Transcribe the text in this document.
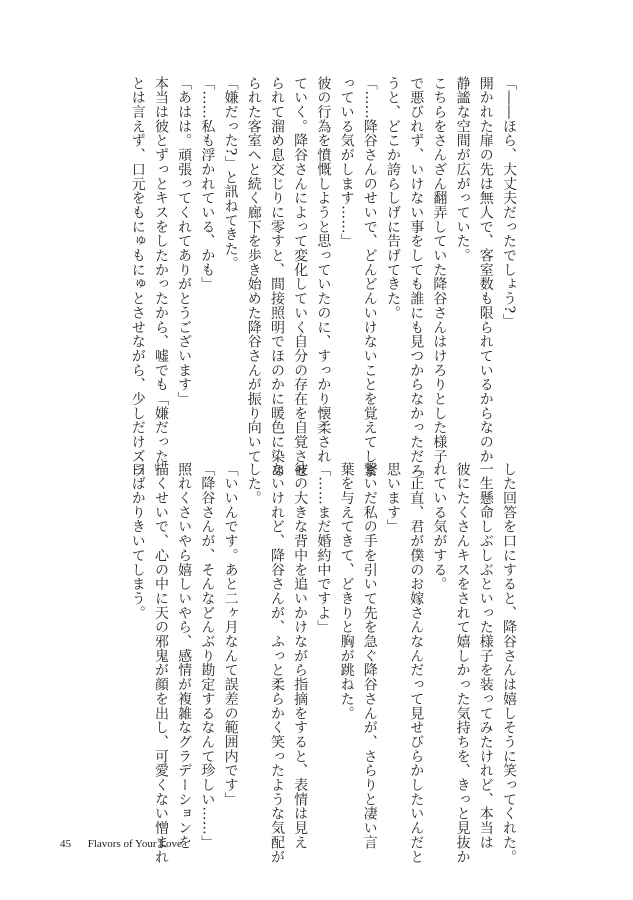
「――ほら、大丈夫だったでしょう?」
開かれた扉の先は無人で、客室数も限られているからなのか
静謐な空間が広がっていた。
こちらをさんざん翻弄していた降谷さんはけろりとした様子
で悪びれず、いけない事をしても誰にも見つからなかっただろ
うと、どこか誇らしげに告げてきた。
「……降谷さんのせいで、どんどんいけないことを覚えてしま
っている気がします……」
彼の行為を憤慨しようと思っていたのに、すっかり懐柔され
ていく。降谷さんによって変化していく自分の存在を自覚させ
られて溜め息交じりに零すと、間接照明でほのかに暖色に染め
られた客室へと続く廊下を歩き始めた降谷さんが振り向いて
「嫌だった?」と訊ねてきた。
「……私も浮かれている、かも」
「あはは。頑張ってくれてありがとうございます」
本当は彼とずっとキスをしたかったから、嘘でも「嫌だった」
とは言えず、口元をもにゅもにゅとさせながら、少しだけズラ
した回答を口にすると、降谷さんは嬉しそうに笑ってくれた。
一生懸命しぶしぶといった様子を装ってみたけれど、本当は
彼にたくさんキスをされて嬉しかった気持ちを、きっと見抜か
れている気がする。
「正直、君が僕のお嫁さんなんだって見せびらかしたいんだと
思います」
繋いだ私の手を引いて先を急ぐ降谷さんが、さらりと凄い言
葉を与えてきて、どきりと胸が跳ねた。
「……まだ婚約中ですよ」
彼の大きな背中を追いかけながら指摘をすると、表情は見え
ないけれど、降谷さんが、ふっと柔らかく笑ったような気配が
した。
「いいんです。あと二ヶ月なんて誤差の範囲内です」
「降谷さんが、そんなどんぶり勘定するなんて珍しい……」
照れくさいやら嬉しいやら、感情が複雑なグラデーションを
描くせいで、心の中に天の邪鬼が顔を出し、可愛くない憎まれ
口ばかりきいてしまう。
45 Flavors of Your Love
